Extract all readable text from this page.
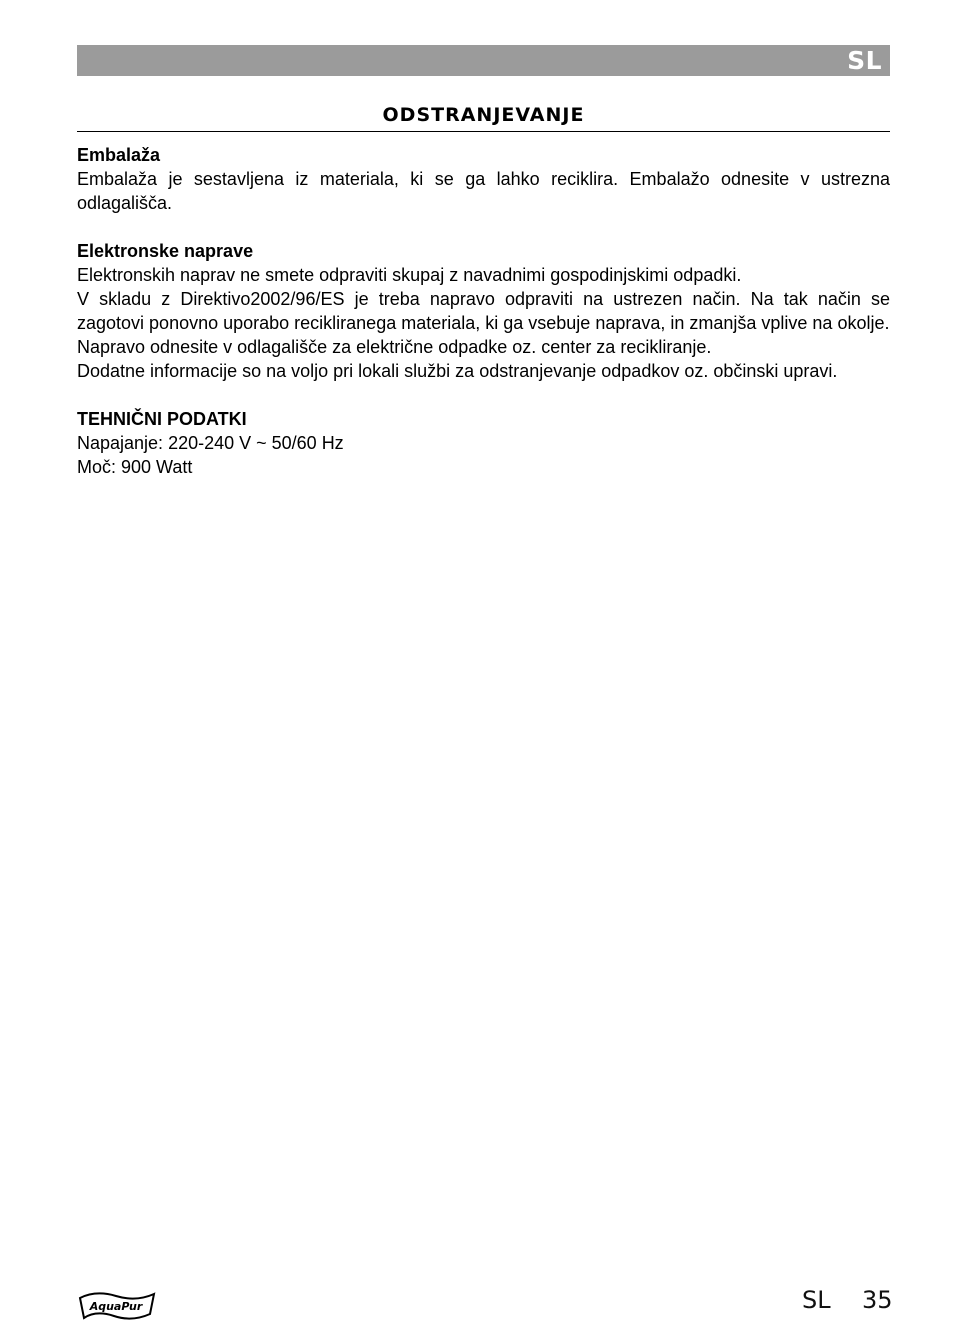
SL
ODSTRANJEVANJE
Embalaža

Embalaža je sestavljena iz materiala, ki se ga lahko reciklira. Embalažo odnesite v ustrezna odlagališča.

Elektronske naprave

Elektronskih naprav ne smete odpraviti skupaj z navadnimi gospodinjskimi odpadki.

V skladu z Direktivo2002/96/ES je treba napravo odpraviti na ustrezen način. Na tak način se zagotovi ponovno uporabo recikliranega materiala, ki ga vsebuje naprava, in zmanjša vplive na okolje.

Napravo odnesite v odlagališče za električne odpadke oz. center za recikliranje.

Dodatne informacije so na voljo pri lokali službi za odstranjevanje odpadkov oz. občinski upravi.

TEHNIČNI PODATKI

Napajanje: 220-240 V ~ 50/60 Hz

Moč: 900 Watt

AquaPur	SL 35
